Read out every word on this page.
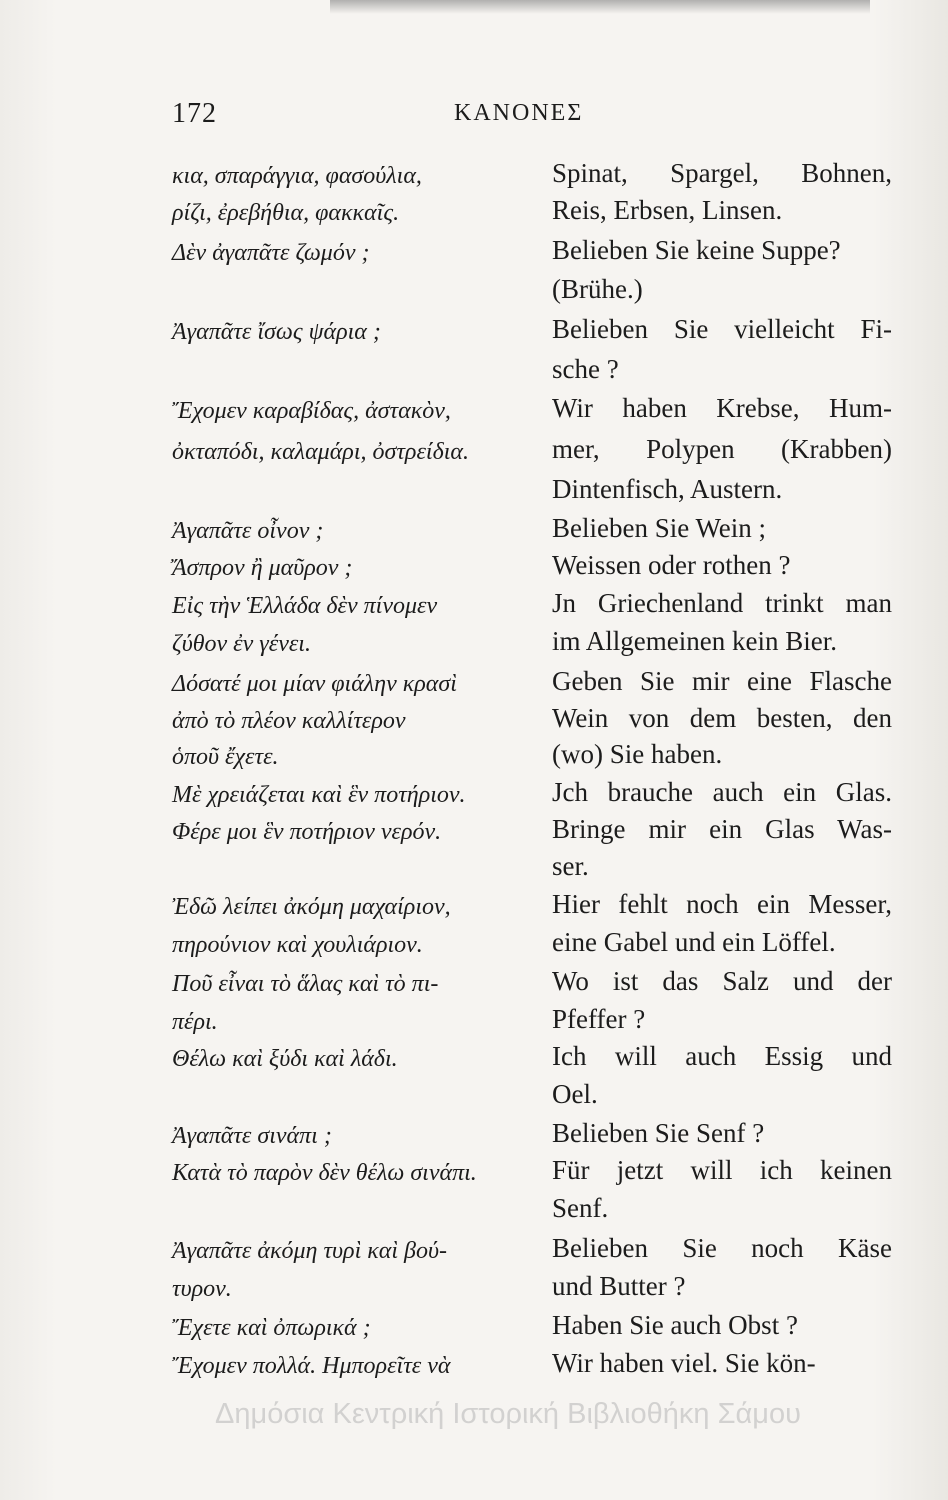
172	ΚΑΝΟΝΕΣ
κια, σπαράγγια, φασούλια,	Spinat, Spargel, Bohnen,
ρίζι, ἐρεβήθια, φακκαῖς.	Reis, Erbsen, Linsen.
Δὲν ἀγαπᾶτε ζωμόν ;	Belieben Sie keine Suppe?
(Brühe.)
Ἀγαπᾶτε ἴσως ψάρια ;	Belieben Sie vielleicht Fi-
sche ?
Ἔχομεν καραβίδας, ἀστακὸν,	Wir haben Krebse, Hum-
ὀκταπόδι, καλαμάρι, ὀστρείδια.	mer, Polypen (Krabben)
Dintenfisch, Austern.
Ἀγαπᾶτε οἶνον ;	Belieben Sie Wein ;
Ἄσπρον ἢ μαῦρον ;	Weissen oder rothen ?
Εἰς τὴν Ἑλλάδα δὲν πίνομεν	Jn Griechenland trinkt man
ζύθον ἐν γένει.	im Allgemeinen kein Bier.
Δόσατέ μοι μίαν φιάλην κρασὶ	Geben Sie mir eine Flasche
ἀπὸ τὸ πλέον καλλίτερον	Wein von dem besten, den
ὁποῦ ἔχετε.	(wo) Sie haben.
Μὲ χρειάζεται καὶ ἓν ποτήριον.	Jch brauche auch ein Glas.
Φέρε μοι ἓν ποτήριον νερόν.	Bringe mir ein Glas Was-
ser.
Ἐδῶ λείπει ἀκόμη μαχαίριον,	Hier fehlt noch ein Messer,
πηρούνιον καὶ χουλιάριον.	eine Gabel und ein Löffel.
Ποῦ εἶναι τὸ ἅλας καὶ τὸ πι-	Wo ist das Salz und der
πέρι.	Pfeffer ?
Θέλω καὶ ξύδι καὶ λάδι.	Ich will auch Essig und
Oel.
Ἀγαπᾶτε σινάπι ;	Belieben Sie Senf ?
Κατὰ τὸ παρὸν δὲν θέλω σινάπι.	Für jetzt will ich keinen
Senf.
Ἀγαπᾶτε ἀκόμη τυρὶ καὶ βού-	Belieben Sie noch Käse
τυρον.	und Butter ?
Ἔχετε καὶ ὀπωρικά ;	Haben Sie auch Obst ?
Ἔχομεν πολλά. Ημπορεῖτε νὰ	Wir haben viel. Sie kön-
Δημόσια Κεντρική Ιστορική Βιβλιοθήκη Σάμου
